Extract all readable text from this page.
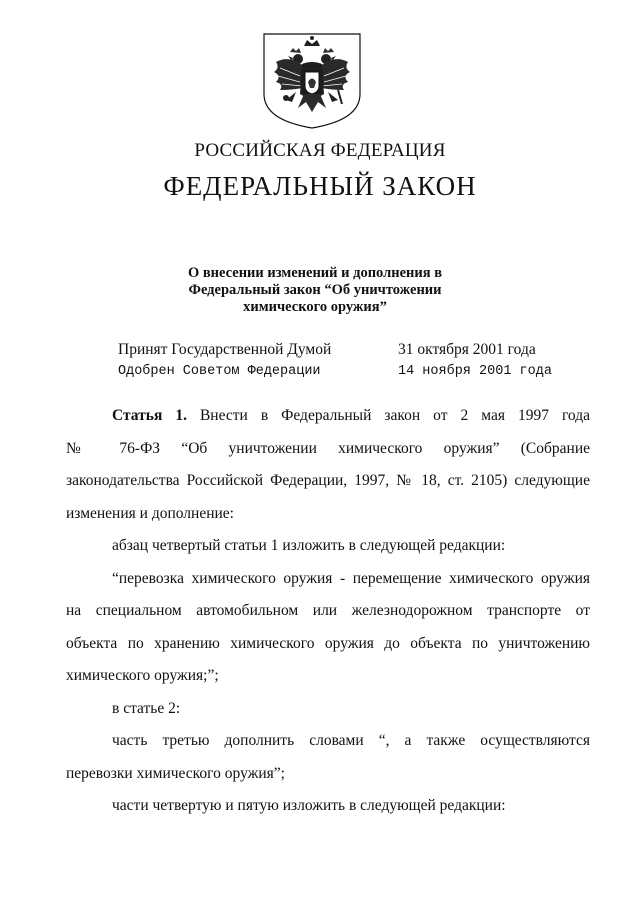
РОССИЙСКАЯ ФЕДЕРАЦИЯ
ФЕДЕРАЛЬНЫЙ ЗАКОН
О внесении изменений и дополнения в
Федеральный закон “Об уничтожении
химического оружия”
Принят Государственной Думой	31 октября 2001 года
Одобрен Советом Федерации	14 ноября 2001 года

Статья 1. Внести в Федеральный закон от 2 мая 1997 года

№ 76-ФЗ “Об уничтожении химического оружия” (Собрание

законодательства Российской Федерации, 1997, № 18, ст. 2105) следующие

изменения и дополнение:

абзац четвертый статьи 1 изложить в следующей редакции:

“перевозка химического оружия - перемещение химического оружия

на специальном автомобильном или железнодорожном транспорте от

объекта по хранению химического оружия до объекта по уничтожению

химического оружия;”;

в статье 2:

часть третью дополнить словами “, а также осуществляются

перевозки химического оружия”;

части четвертую и пятую изложить в следующей редакции:
